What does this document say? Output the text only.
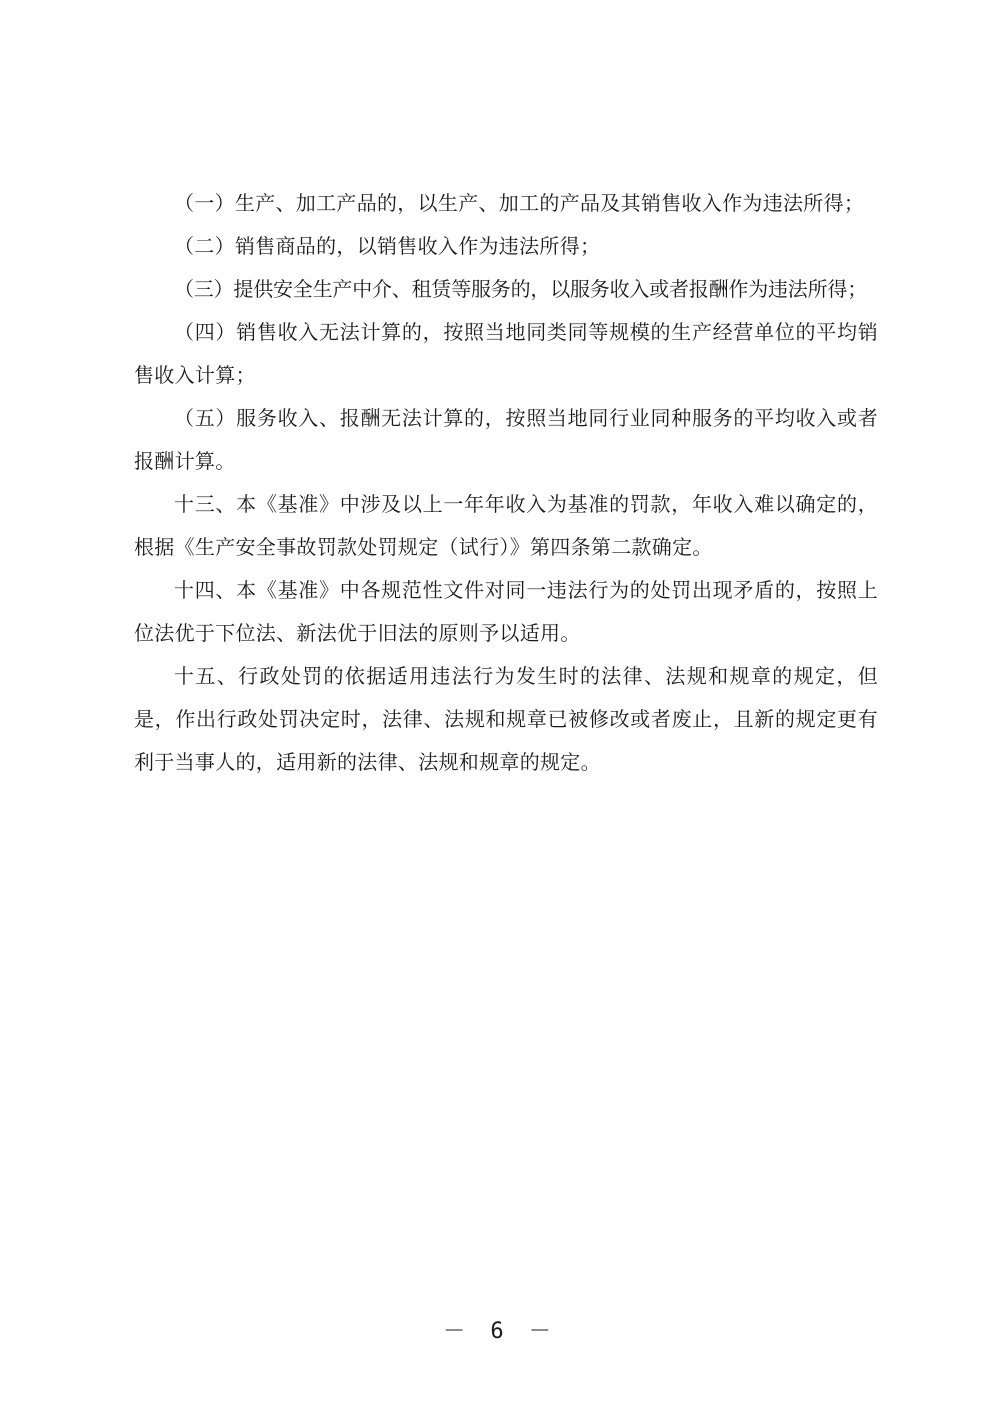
（一）生产、加工产品的，以生产、加工的产品及其销售收入作为违法所得；

（二）销售商品的，以销售收入作为违法所得；

（三）提供安全生产中介、租赁等服务的，以服务收入或者报酬作为违法所得；

（四）销售收入无法计算的，按照当地同类同等规模的生产经营单位的平均销售收入计算；

（五）服务收入、报酬无法计算的，按照当地同行业同种服务的平均收入或者报酬计算。

十三、本《基准》中涉及以上一年年收入为基准的罚款，年收入难以确定的，根据《生产安全事故罚款处罚规定（试行）》第四条第二款确定。

十四、本《基准》中各规范性文件对同一违法行为的处罚出现矛盾的，按照上位法优于下位法、新法优于旧法的原则予以适用。

十五、行政处罚的依据适用违法行为发生时的法律、法规和规章的规定，但是，作出行政处罚决定时，法律、法规和规章已被修改或者废止，且新的规定更有利于当事人的，适用新的法律、法规和规章的规定。

－ 6 －
